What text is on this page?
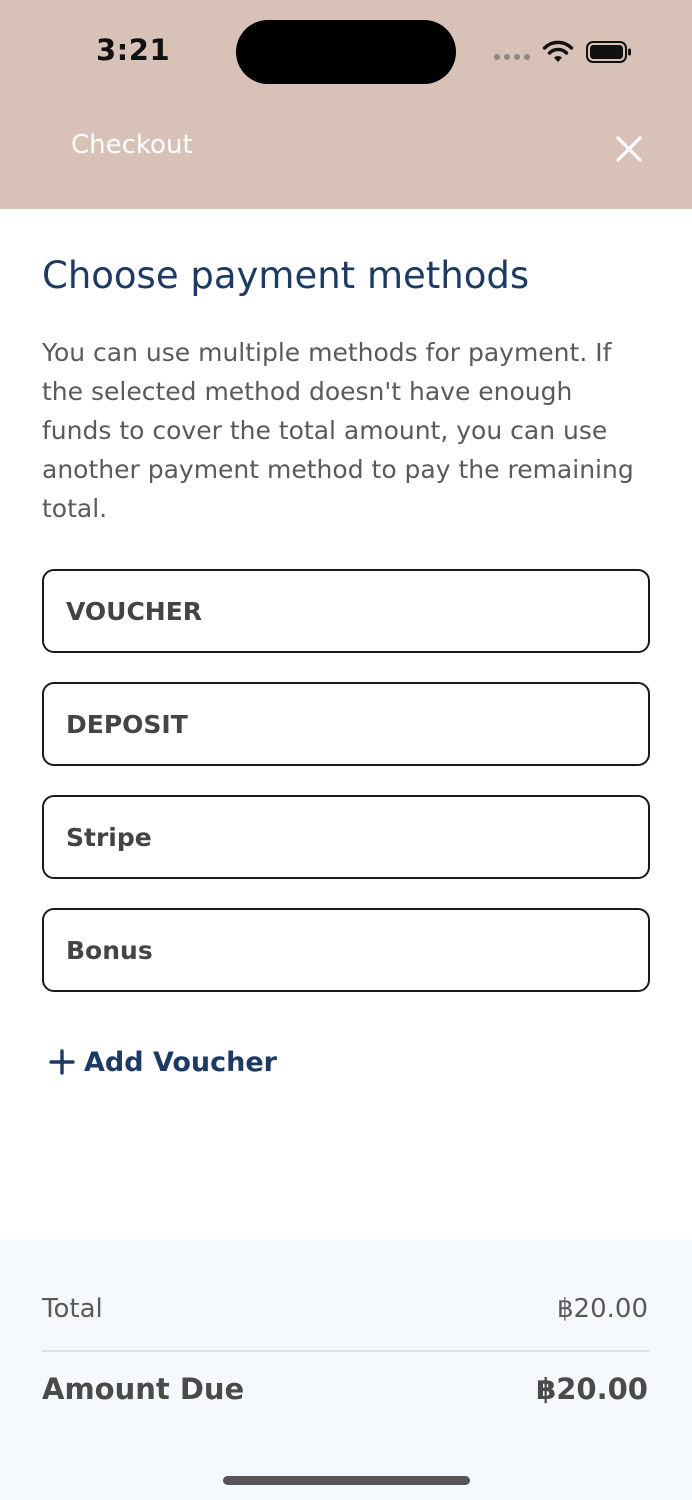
3:21
Checkout
Choose payment methods
You can use multiple methods for payment. If the selected method doesn't have enough funds to cover the total amount, you can use another payment method to pay the remaining total.
VOUCHER
DEPOSIT
Stripe
Bonus
Add Voucher
Total	฿20.00
Amount Due	฿20.00
